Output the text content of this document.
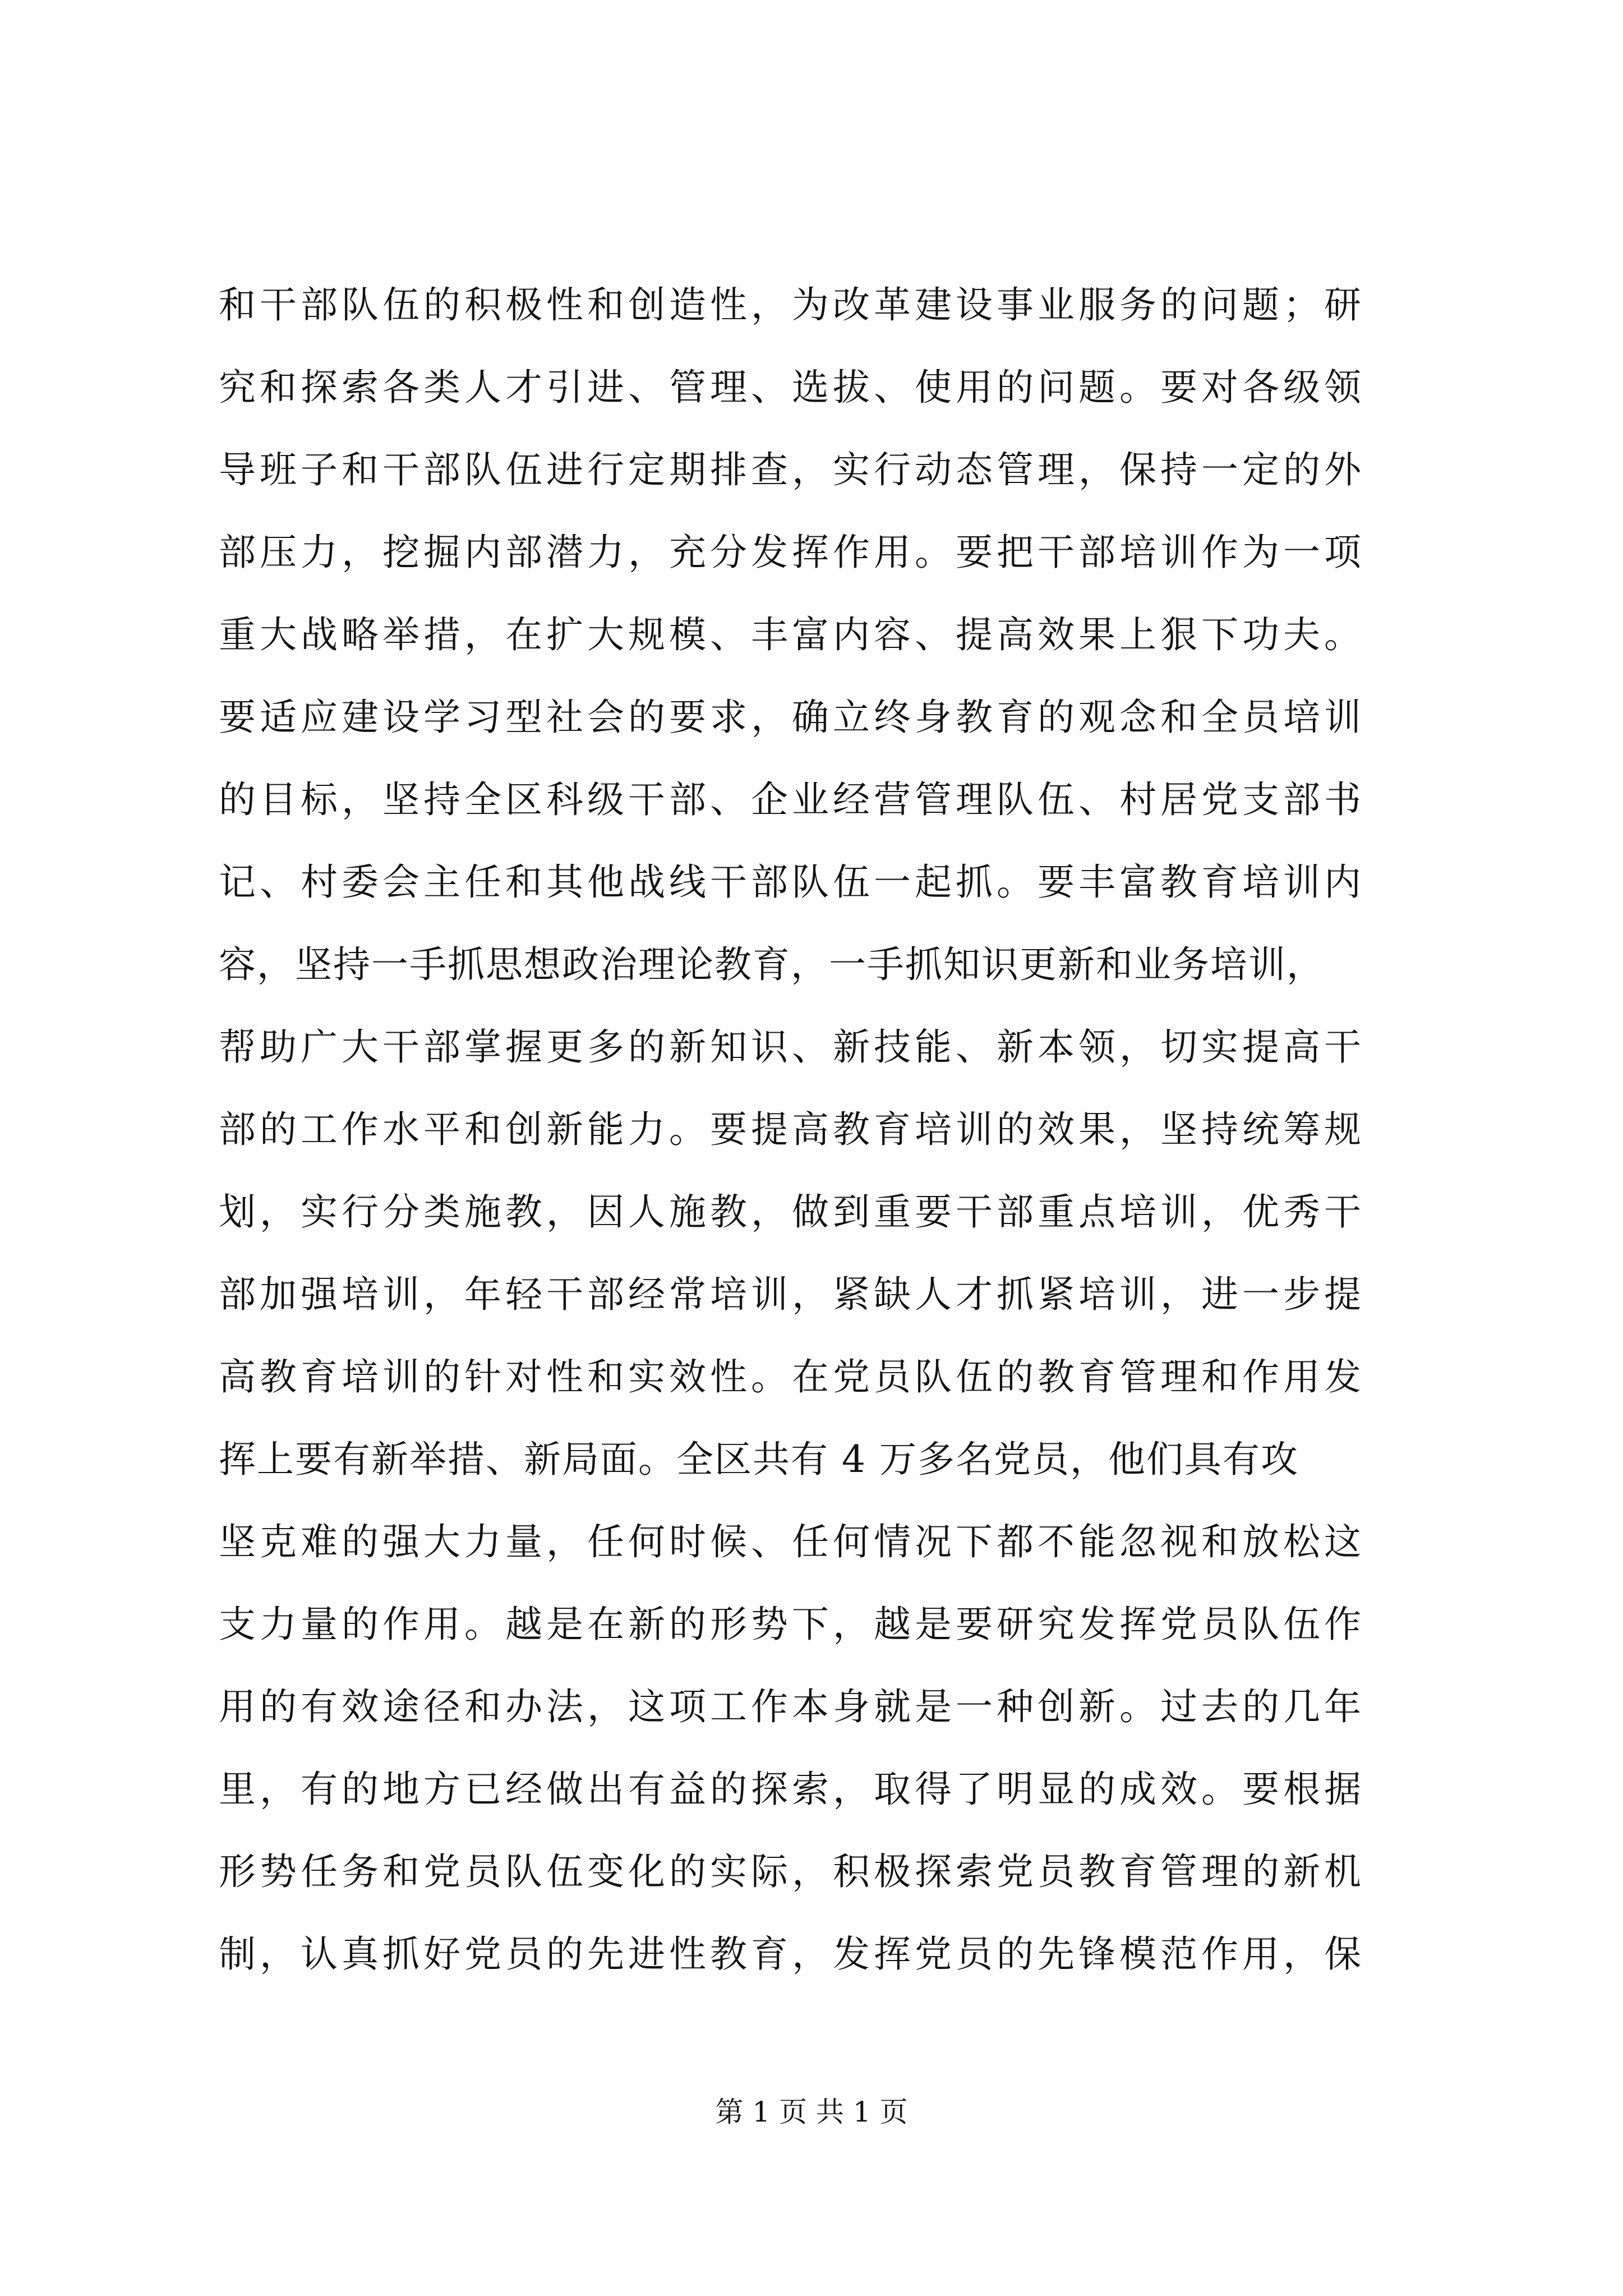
和干部队伍的积极性和创造性，为改革建设事业服务的问题；研
究和探索各类人才引进、管理、选拔、使用的问题。要对各级领
导班子和干部队伍进行定期排查，实行动态管理，保持一定的外
部压力，挖掘内部潜力，充分发挥作用。要把干部培训作为一项
重大战略举措，在扩大规模、丰富内容、提高效果上狠下功夫。
要适应建设学习型社会的要求，确立终身教育的观念和全员培训
的目标，坚持全区科级干部、企业经营管理队伍、村居党支部书
记、村委会主任和其他战线干部队伍一起抓。要丰富教育培训内
容，坚持一手抓思想政治理论教育，一手抓知识更新和业务培训，
帮助广大干部掌握更多的新知识、新技能、新本领，切实提高干
部的工作水平和创新能力。要提高教育培训的效果，坚持统筹规
划，实行分类施教，因人施教，做到重要干部重点培训，优秀干
部加强培训，年轻干部经常培训，紧缺人才抓紧培训，进一步提
高教育培训的针对性和实效性。在党员队伍的教育管理和作用发
挥上要有新举措、新局面。全区共有 4 万多名党员，他们具有攻
坚克难的强大力量，任何时候、任何情况下都不能忽视和放松这
支力量的作用。越是在新的形势下，越是要研究发挥党员队伍作
用的有效途径和办法，这项工作本身就是一种创新。过去的几年
里，有的地方已经做出有益的探索，取得了明显的成效。要根据
形势任务和党员队伍变化的实际，积极探索党员教育管理的新机
制，认真抓好党员的先进性教育，发挥党员的先锋模范作用，保
第 1 页 共 1 页
